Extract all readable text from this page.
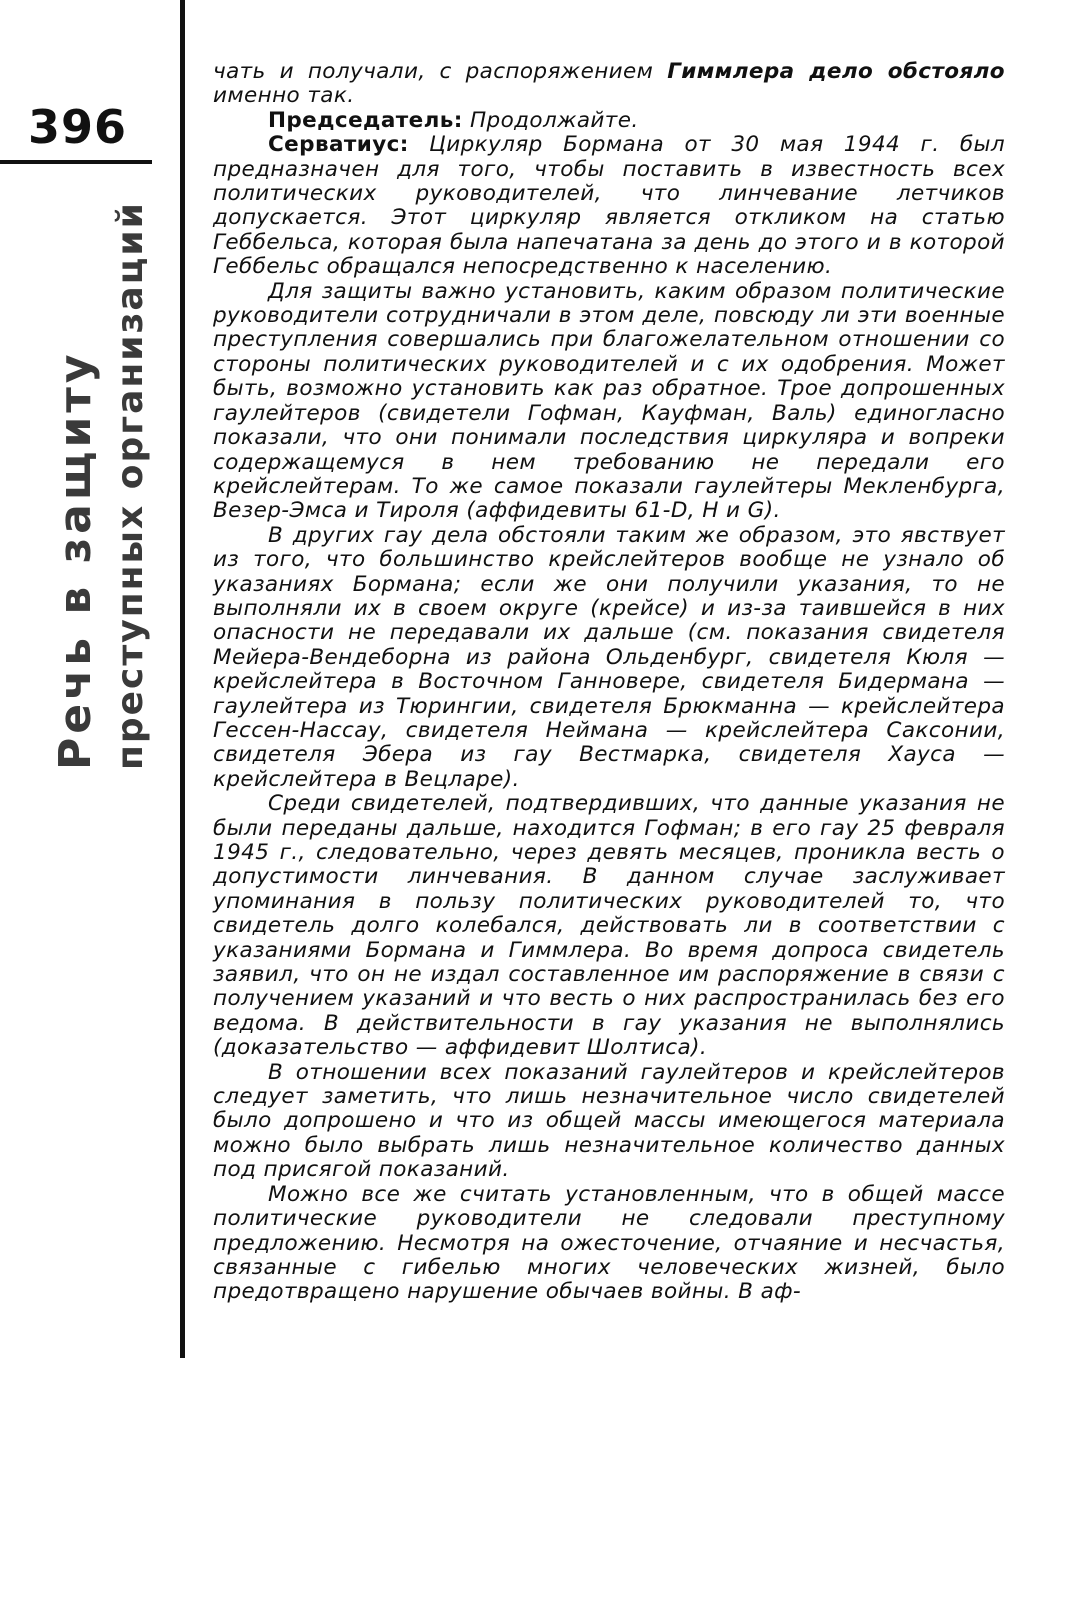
396
Речь в защиту преступных организаций

чать и получали, с распоряжением Гиммлера дело обстояло именно так.

Председатель: Продолжайте.

Серватиус: Циркуляр Бормана от 30 мая 1944 г. был предназначен для того, чтобы поставить в известность всех политических руководителей, что линчевание летчиков допускается. Этот циркуляр является откликом на статью Геббельса, которая была напечатана за день до этого и в которой Геббельс обращался непосредственно к населению.

Для защиты важно установить, каким образом политические руководители сотрудничали в этом деле, повсюду ли эти военные преступления совершались при благожелательном отношении со стороны политических руководителей и с их одобрения. Может быть, возможно установить как раз обратное. Трое допрошенных гаулейтеров (свидетели Гофман, Кауфман, Валь) единогласно показали, что они понимали последствия циркуляра и вопреки содержащемуся в нем требованию не передали его крейслейтерам. То же самое показали гаулейтеры Мекленбурга, Везер-Эмса и Тироля (аффидевиты 61-D, H и G).

В других гау дела обстояли таким же образом, это явствует из того, что большинство крейслейтеров вообще не узнало об указаниях Бормана; если же они получили указания, то не выполняли их в своем округе (крейсе) и из-за таившейся в них опасности не передавали их дальше (см. показания свидетеля Мейера-Вендеборна из района Ольденбург, свидетеля Кюля — крейслейтера в Восточном Ганновере, свидетеля Бидермана — гаулейтера из Тюрингии, свидетеля Брюкманна — крейслейтера Гессен-Нассау, свидетеля Неймана — крейслейтера Саксонии, свидетеля Эбера из гау Вестмарка, свидетеля Хауса — крейслейтера в Вецларе).

Среди свидетелей, подтвердивших, что данные указания не были переданы дальше, находится Гофман; в его гау 25 февраля 1945 г., следовательно, через девять месяцев, проникла весть о допустимости линчевания. В данном случае заслуживает упоминания в пользу политических руководителей то, что свидетель долго колебался, действовать ли в соответствии с указаниями Бормана и Гиммлера. Во время допроса свидетель заявил, что он не издал составленное им распоряжение в связи с получением указаний и что весть о них распространилась без его ведома. В действительности в гау указания не выполнялись (доказательство — аффидевит Шолтиса).

В отношении всех показаний гаулейтеров и крейслейтеров следует заметить, что лишь незначительное число свидетелей было допрошено и что из общей массы имеющегося материала можно было выбрать лишь незначительное количество данных под присягой показаний.

Можно все же считать установленным, что в общей массе политические руководители не следовали преступному предложению. Несмотря на ожесточение, отчаяние и несчастья, связанные с гибелью многих человеческих жизней, было предотвращено нарушение обычаев войны. В аф-
